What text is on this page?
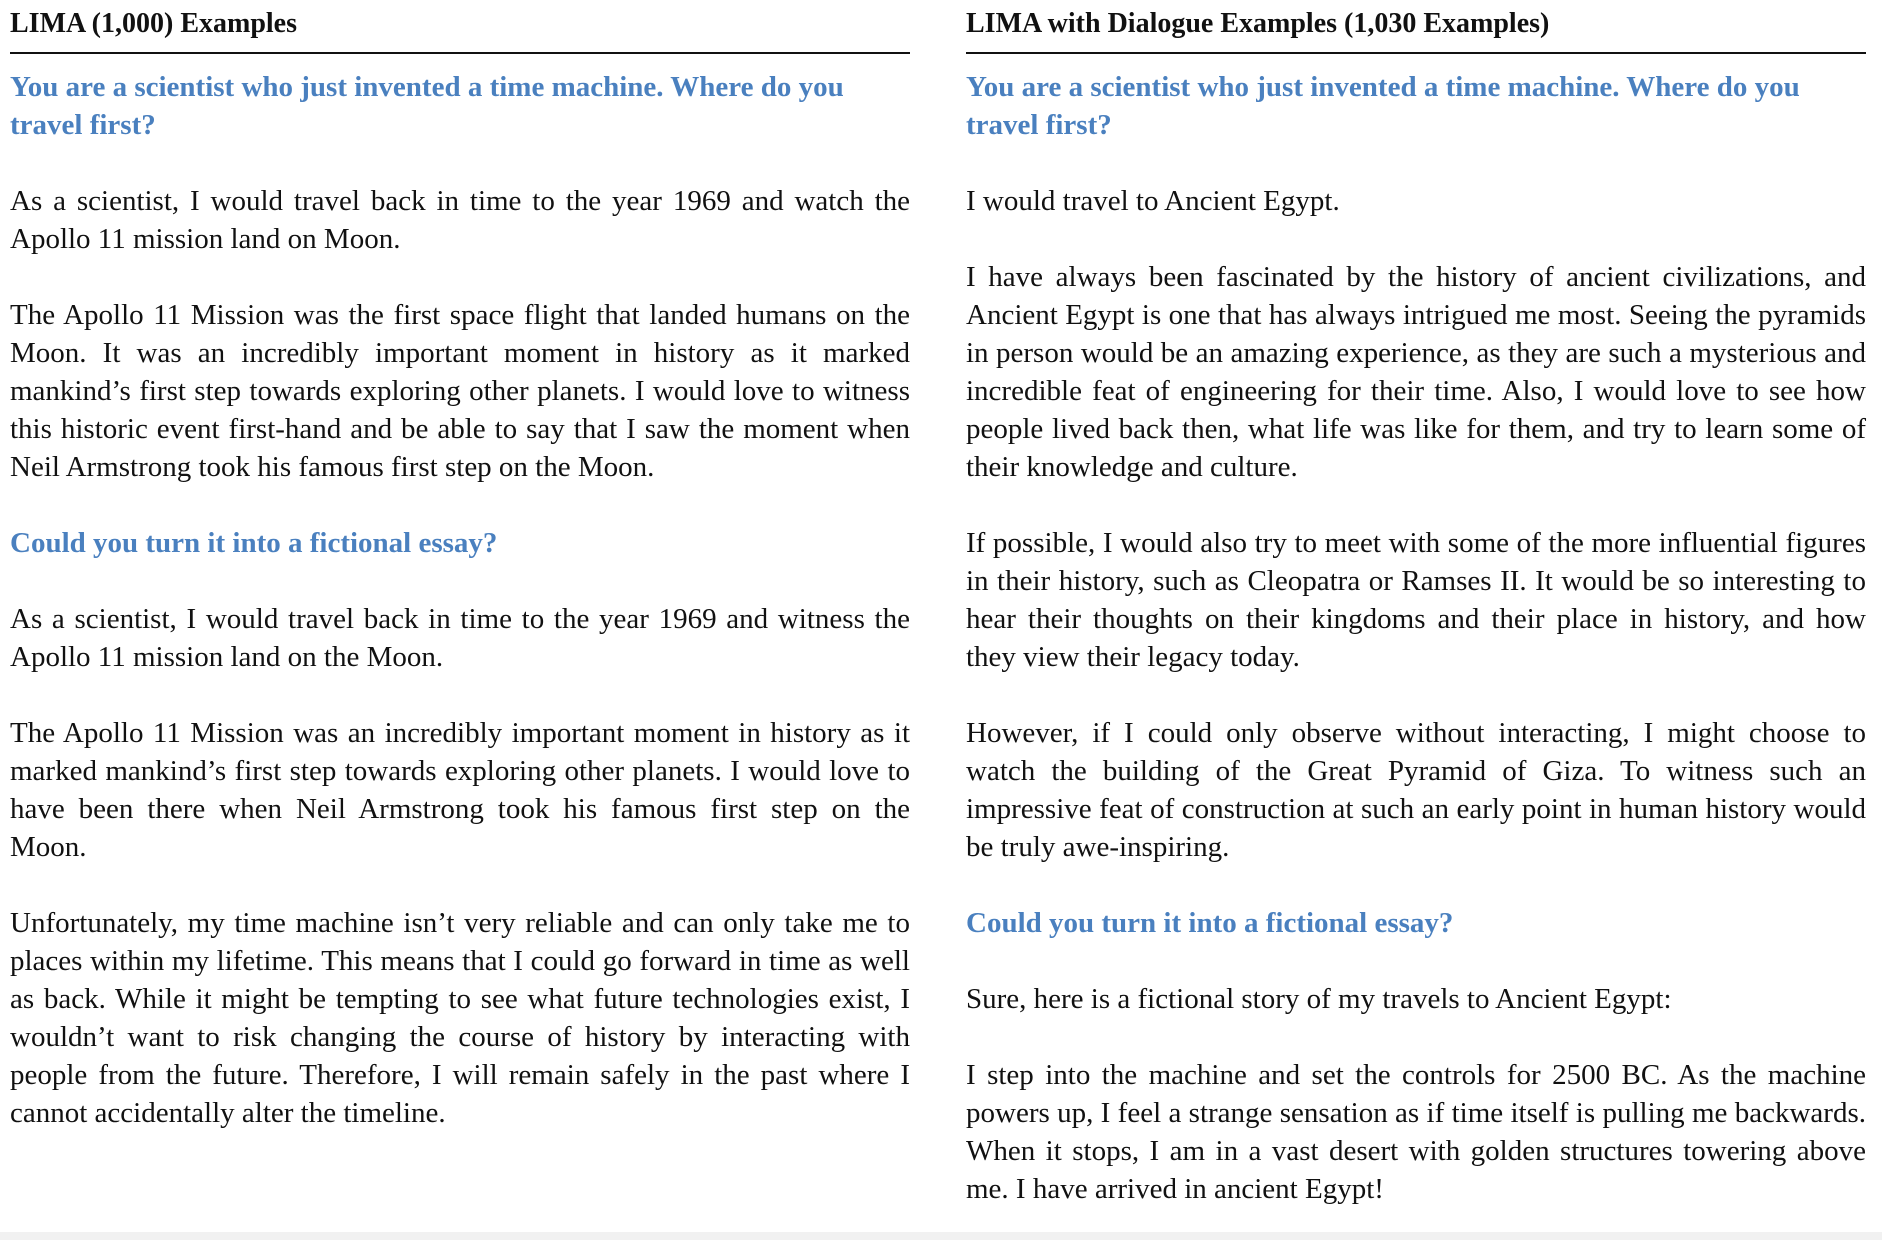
LIMA (1,000) Examples

You are a scientist who just invented a time machine. Where do you travel first?

As a scientist, I would travel back in time to the year 1969 and watch the Apollo 11 mission land on Moon.

The Apollo 11 Mission was the first space flight that landed humans on the Moon. It was an incredibly important moment in history as it marked mankind’s first step towards exploring other planets. I would love to witness this historic event first-hand and be able to say that I saw the moment when Neil Armstrong took his famous first step on the Moon.

Could you turn it into a fictional essay?

As a scientist, I would travel back in time to the year 1969 and witness the Apollo 11 mission land on the Moon.

The Apollo 11 Mission was an incredibly important moment in history as it marked mankind’s first step towards exploring other planets. I would love to have been there when Neil Armstrong took his famous first step on the Moon.

Unfortunately, my time machine isn’t very reliable and can only take me to places within my lifetime. This means that I could go forward in time as well as back. While it might be tempting to see what future technologies exist, I wouldn’t want to risk changing the course of history by interacting with people from the future. Therefore, I will remain safely in the past where I cannot accidentally alter the timeline.

LIMA with Dialogue Examples (1,030 Examples)

You are a scientist who just invented a time machine. Where do you travel first?

I would travel to Ancient Egypt.

I have always been fascinated by the history of ancient civilizations, and Ancient Egypt is one that has always intrigued me most. Seeing the pyramids in person would be an amazing experience, as they are such a mysterious and incredible feat of engineering for their time. Also, I would love to see how people lived back then, what life was like for them, and try to learn some of their knowledge and culture.

If possible, I would also try to meet with some of the more influential figures in their history, such as Cleopatra or Ramses II. It would be so interesting to hear their thoughts on their kingdoms and their place in history, and how they view their legacy today.

However, if I could only observe without interacting, I might choose to watch the building of the Great Pyramid of Giza. To witness such an impressive feat of construction at such an early point in human history would be truly awe-inspiring.

Could you turn it into a fictional essay?

Sure, here is a fictional story of my travels to Ancient Egypt:

I step into the machine and set the controls for 2500 BC. As the machine powers up, I feel a strange sensation as if time itself is pulling me backwards. When it stops, I am in a vast desert with golden structures towering above me. I have arrived in ancient Egypt!
